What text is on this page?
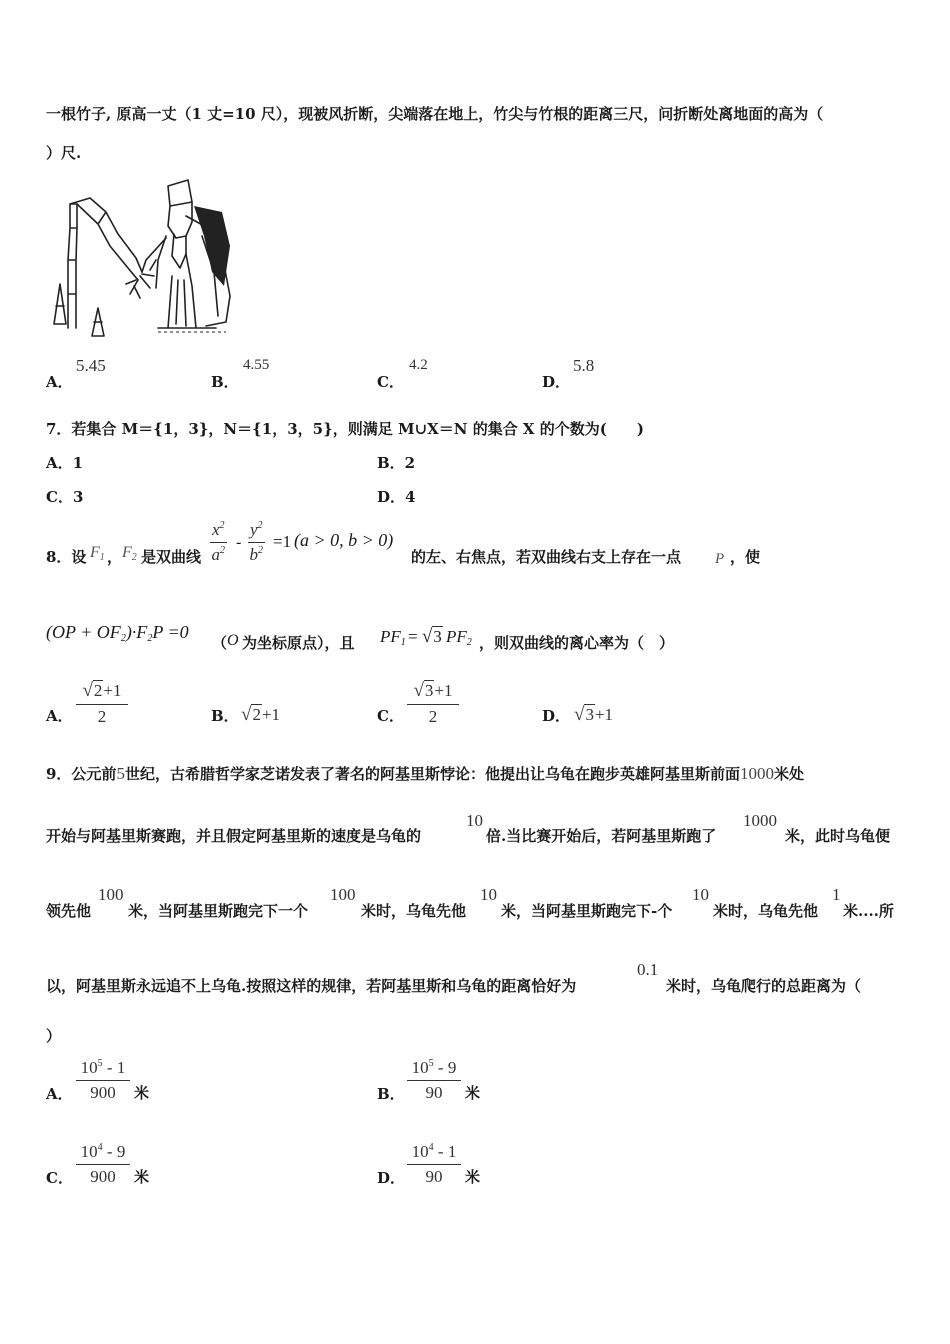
一根竹子, 原高一丈（1 丈=10 尺），现被风折断，尖端落在地上，竹尖与竹根的距离三尺，问折断处离地面的高为（
）尺.
A．
5.45
B．
4.55
C．
4.2
D．
5.8
7．若集合 M＝{1，3}，N＝{1，3，5}，则满足 M∪X＝N 的集合 X 的个数为(　　)
A．1	B．2
C．3	D．4
8．设 $F_1$ ， $F_2$ 是双曲线
$x^2$
$a^2$ -
$y^2$
$b^2 =1$ (a > 0, b > 0)
的左、右焦点，若双曲线右支上存在一点 P ，使
$(OP + OF_2)\cdot F_2P =0$
（ O 为坐标原点），且 $PF_1 = √3$ $PF_2$ ，则双曲线的离心率为（　）
A．
√2+1
2	B． √2+1	C．
√3+1
2	D． √3+1
9．公元前5世纪，古希腊哲学家芝诺发表了著名的阿基里斯悖论：他提出让乌龟在跑步英雄阿基里斯前面1000米处
开始与阿基里斯赛跑，并且假定阿基里斯的速度是乌龟的
10
倍.当比赛开始后，若阿基里斯跑了
1000
米，此时乌龟便
领先他
100
米，当阿基里斯跑完下一个
100
米时，乌龟先他
10
米，当阿基里斯跑完下-个
10
米时，乌龟先他
1
米....所
以，阿基里斯永远追不上乌龟.按照这样的规律，若阿基里斯和乌龟的距离恰好为
0.1
米时，乌龟爬行的总距离为（
）
A．
$10^5 - 1$
900	米	B．
$10^5 - 9$
90	米
C．
$10^4 - 9$
900	米	D．
$10^4 - 1$
90	米
